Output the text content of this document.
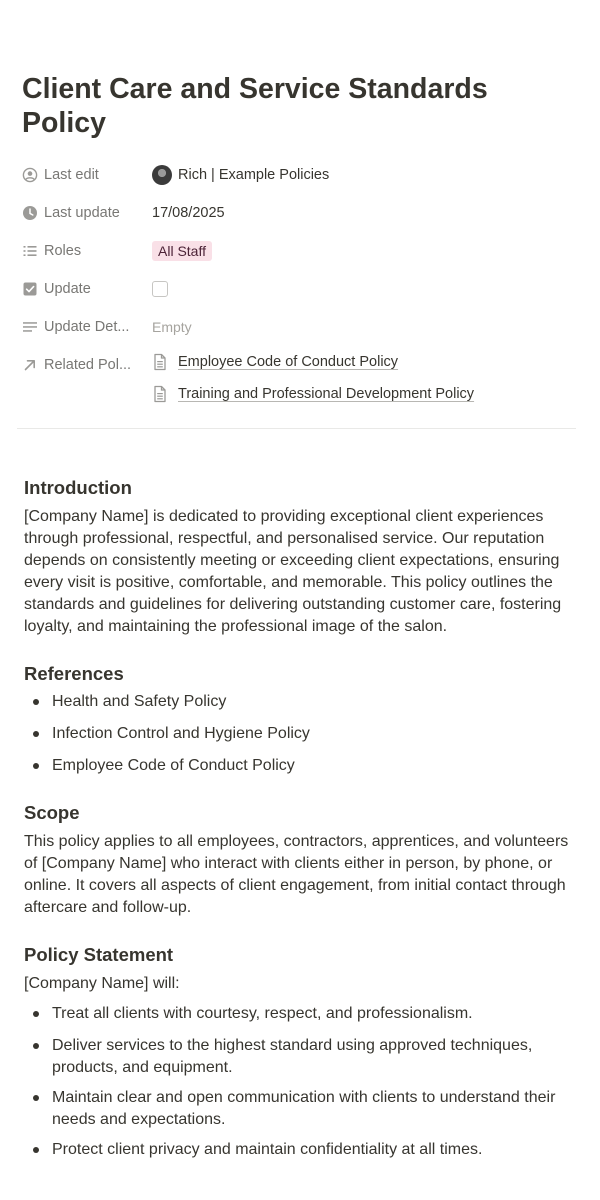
Client Care and Service Standards Policy
Last edit	Rich | Example Policies
Last update 17/08/2025
Roles	All Staff
Update
Update Det... Empty
Related Pol...	Employee Code of Conduct Policy
Training and Professional Development Policy
Introduction

[Company Name] is dedicated to providing exceptional client experiences through professional, respectful, and personalised service. Our reputation depends on consistently meeting or exceeding client expectations, ensuring every visit is positive, comfortable, and memorable. This policy outlines the standards and guidelines for delivering outstanding customer care, fostering loyalty, and maintaining the professional image of the salon.

References
Health and Safety Policy
Infection Control and Hygiene Policy
Employee Code of Conduct Policy
Scope

This policy applies to all employees, contractors, apprentices, and volunteers of [Company Name] who interact with clients either in person, by phone, or online. It covers all aspects of client engagement, from initial contact through aftercare and follow-up.

Policy Statement

[Company Name] will:

Treat all clients with courtesy, respect, and professionalism.
Deliver services to the highest standard using approved techniques, products, and equipment.
Maintain clear and open communication with clients to understand their needs and expectations.
Protect client privacy and maintain confidentiality at all times.
